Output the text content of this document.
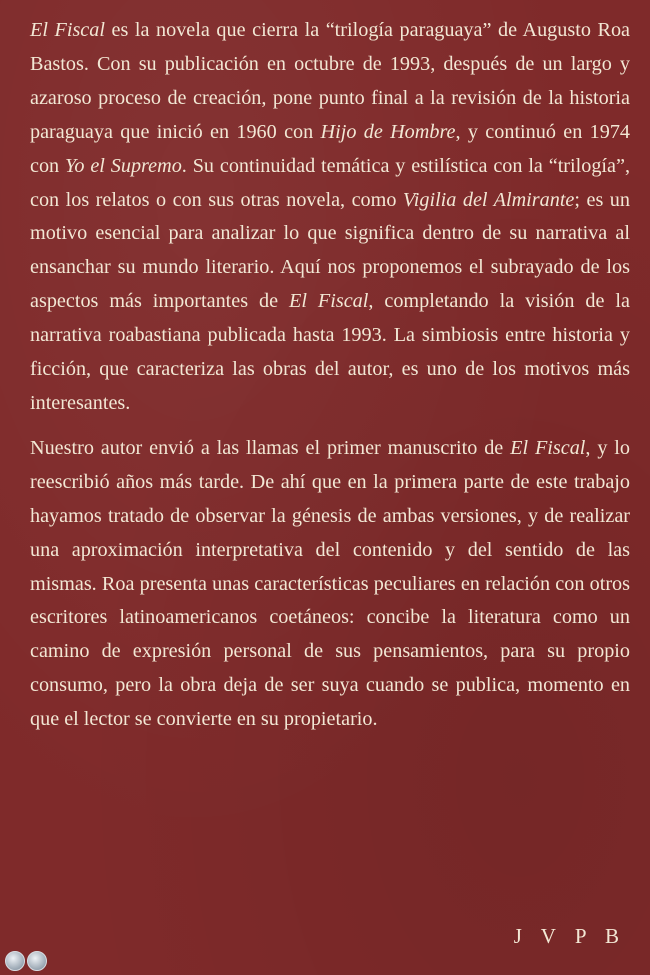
El Fiscal es la novela que cierra la “trilogía paraguaya” de Augusto Roa Bastos. Con su publicación en octubre de 1993, después de un largo y azaroso proceso de creación, pone punto final a la revisión de la historia paraguaya que inició en 1960 con Hijo de Hombre, y continuó en 1974 con Yo el Supremo. Su continuidad temática y estilística con la “trilogía”, con los relatos o con sus otras novela, como Vigilia del Almirante; es un motivo esencial para analizar lo que significa dentro de su narrativa al ensanchar su mundo literario. Aquí nos proponemos el subrayado de los aspectos más importantes de El Fiscal, completando la visión de la narrativa roabastiana publicada hasta 1993. La simbiosis entre historia y ficción, que caracteriza las obras del autor, es uno de los motivos más interesantes.

Nuestro autor envió a las llamas el primer manuscrito de El Fiscal, y lo reescribió años más tarde. De ahí que en la primera parte de este trabajo hayamos tratado de observar la génesis de ambas versiones, y de realizar una aproximación interpretativa del contenido y del sentido de las mismas. Roa presenta unas características peculiares en relación con otros escritores latinoamericanos coetáneos: concibe la literatura como un camino de expresión personal de sus pensamientos, para su propio consumo, pero la obra deja de ser suya cuando se publica, momento en que el lector se convierte en su propietario.

J V P B
